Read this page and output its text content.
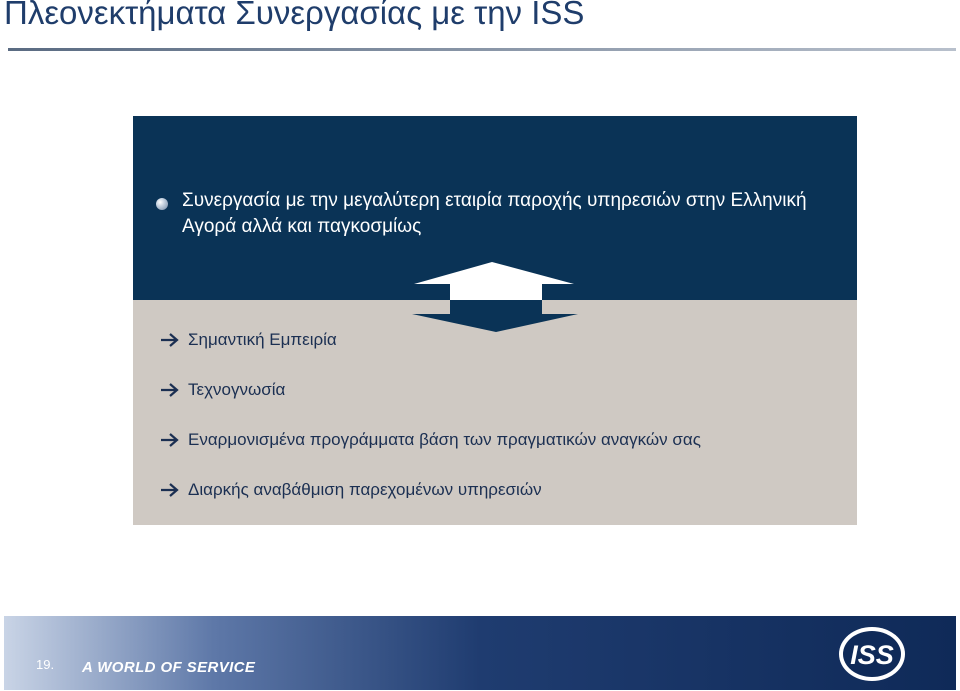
Πλεονεκτήματα Συνεργασίας με την ISS
Συνεργασία με την μεγαλύτερη εταιρία παροχής υπηρεσιών στην Ελληνική Αγορά αλλά και παγκοσμίως
Σημαντική Εμπειρία
Τεχνογνωσία
Εναρμονισμένα προγράμματα βάση των πραγματικών αναγκών σας
Διαρκής αναβάθμιση παρεχομένων υπηρεσιών
19. A WORLD OF SERVICE	ISS
